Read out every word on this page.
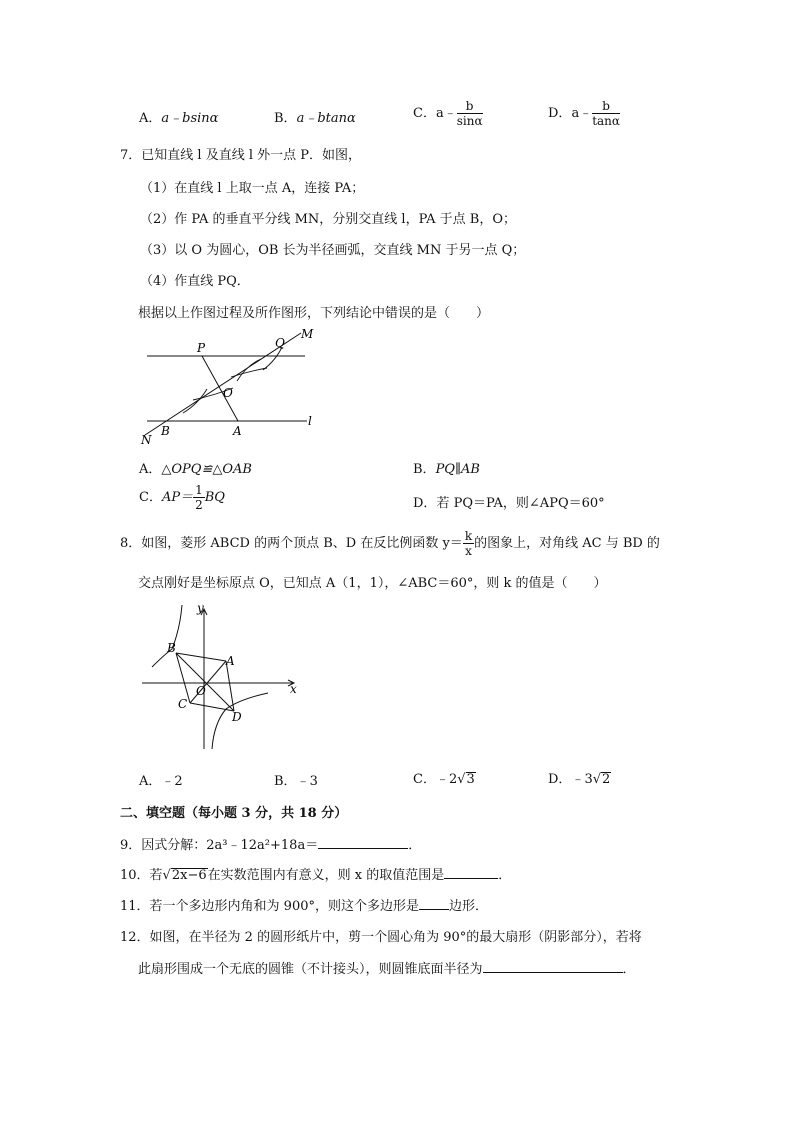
A．a﹣bsinα	B．a﹣btanα	C．a﹣ $\frac{b}{\sin\alpha}$	D．a﹣ $\frac{b}{\tan\alpha}$
7．已知直线 l 及直线 l 外一点 P．如图，
（1）在直线 l 上取一点 A，连接 PA；
（2）作 PA 的垂直平分线 MN，分别交直线 l，PA 于点 B，O；
（3）以 O 为圆心，OB 长为半径画弧，交直线 MN 于另一点 Q；
（4）作直线 PQ．
根据以上作图过程及所作图形，下列结论中错误的是（　　）
P	Q
M
O
B	A
N
l
A．△OPQ≌△OAB	B．PQ∥AB
C．$AP= \frac{1}{2}$ BQ	D．若 PQ＝PA，则∠APQ＝60°
8．如图，菱形 ABCD 的两个顶点 B、D 在反比例函数 $y= \frac{k}{x}$ 的图象上，对角线 AC 与 BD 的
交点刚好是坐标原点 O，已知点 A（1，1），∠ABC＝60°，则 k 的值是（　　）
y
x
B
A
O
C
D
A．﹣2	B．﹣3	C．﹣2√3	D．﹣3√2
二、填空题（每小题 3 分，共 18 分）
9．因式分解：2a³﹣12a²+18a＝	．
10．若√2x−6在实数范围内有意义，则 x 的取值范围是	．
11．若一个多边形内角和为 900°，则这个多边形是 边形．
12．如图，在半径为 2 的圆形纸片中，剪一个圆心角为 90°的最大扇形（阴影部分），若将
此扇形围成一个无底的圆锥（不计接头），则圆锥底面半径为	．
